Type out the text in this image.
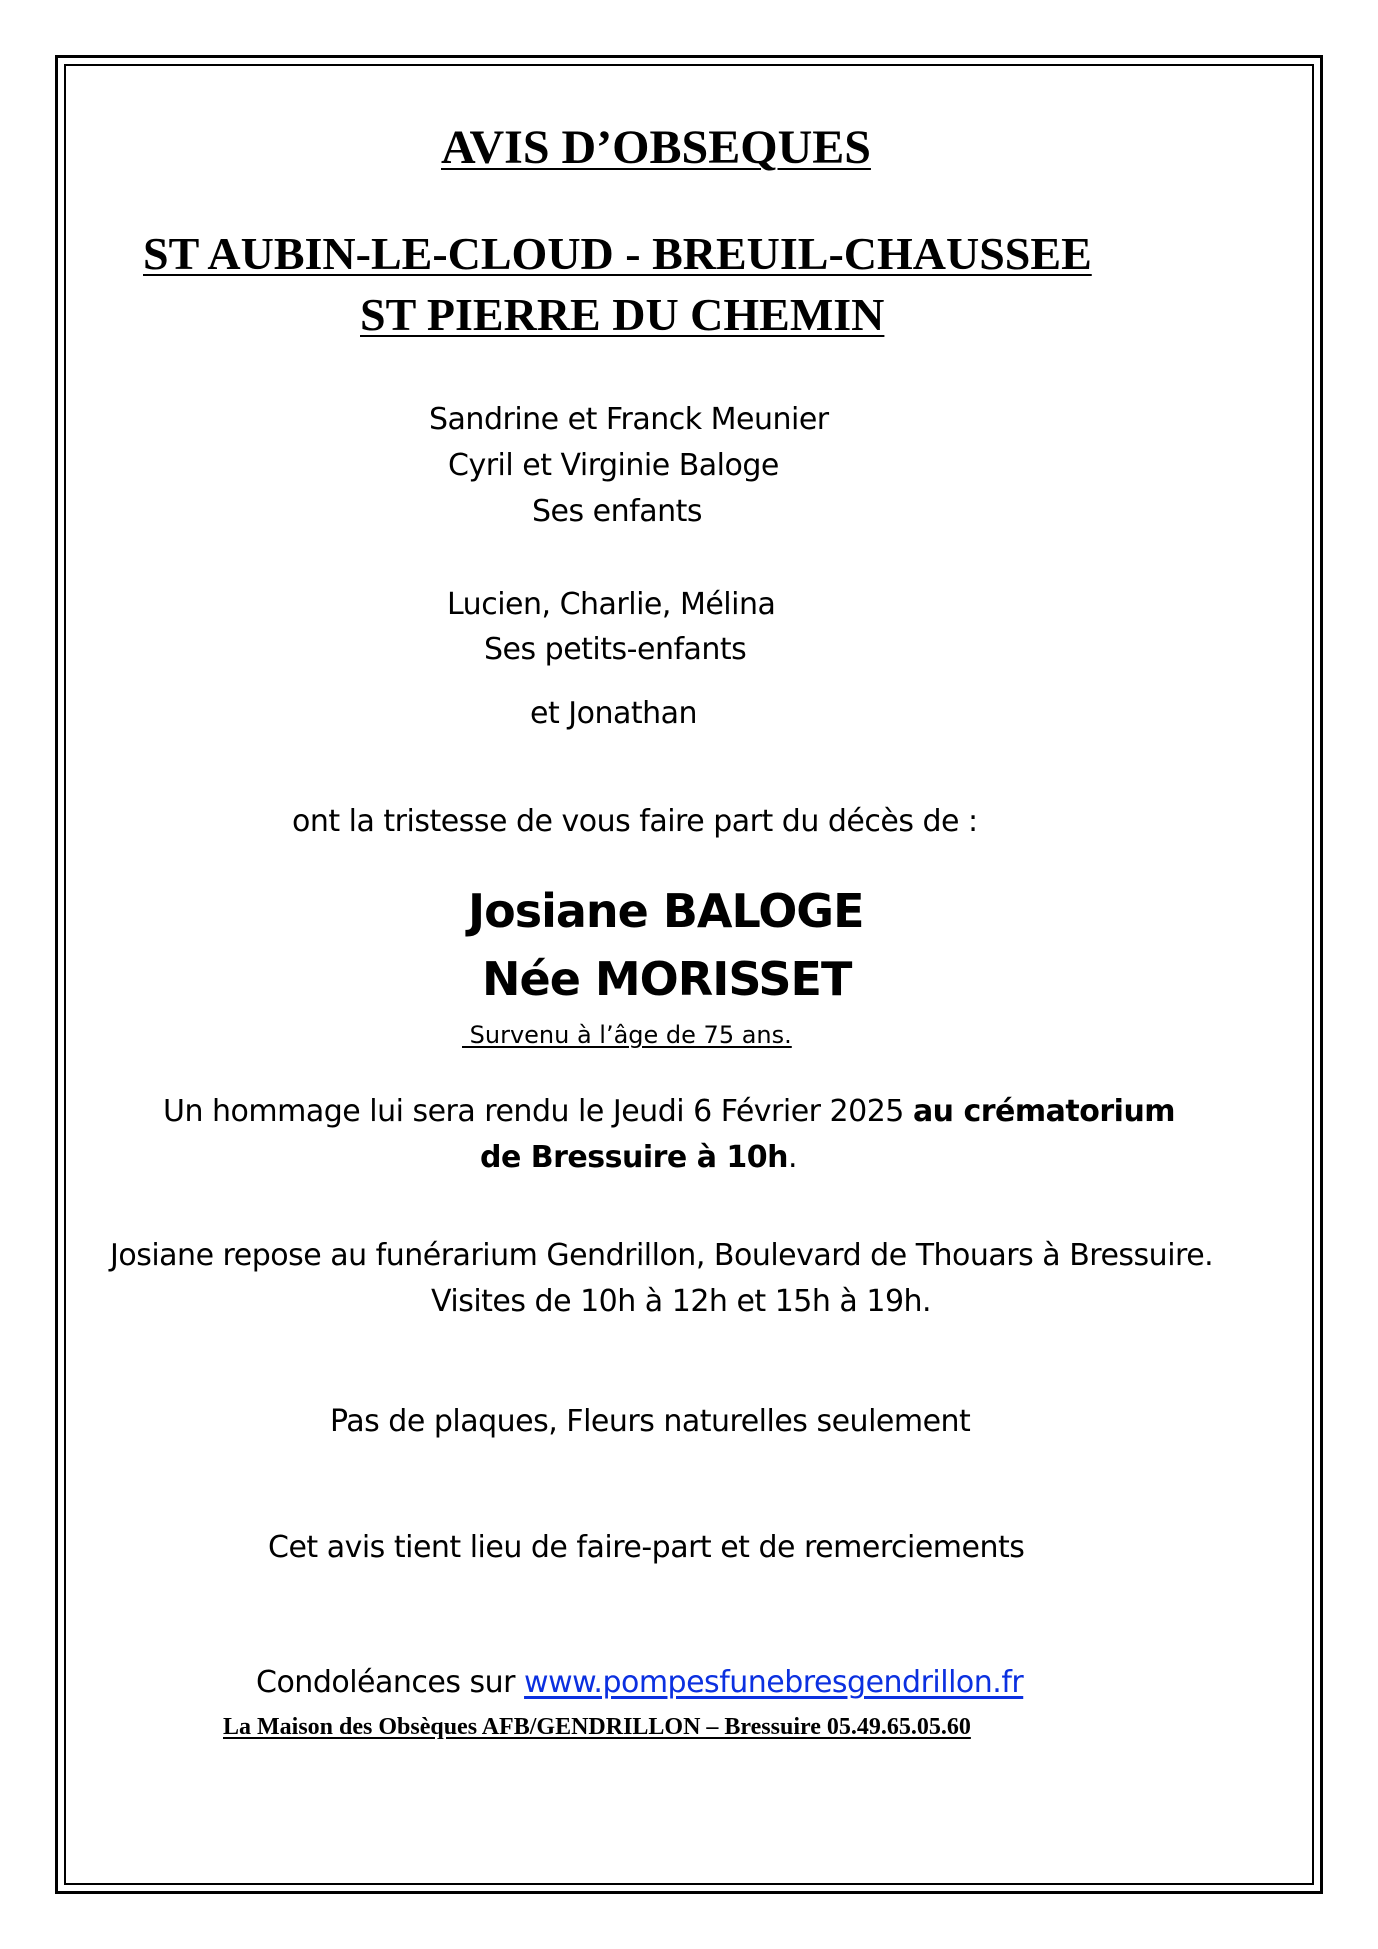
AVIS D’OBSEQUES
ST AUBIN-LE-CLOUD - BREUIL-CHAUSSEE
ST PIERRE DU CHEMIN
Sandrine et Franck Meunier
Cyril et Virginie Baloge
Ses enfants
Lucien, Charlie, Mélina
Ses petits-enfants
et Jonathan
ont la tristesse de vous faire part du décès de :
Josiane BALOGE
Née MORISSET
Survenu à l’âge de 75 ans.
Un hommage lui sera rendu le Jeudi 6 Février 2025 au crématorium
de Bressuire à 10h.
Josiane repose au funérarium Gendrillon, Boulevard de Thouars à Bressuire.
Visites de 10h à 12h et 15h à 19h.
Pas de plaques, Fleurs naturelles seulement
Cet avis tient lieu de faire-part et de remerciements
Condoléances sur www.pompesfunebresgendrillon.fr
La Maison des Obsèques AFB/GENDRILLON – Bressuire 05.49.65.05.60
